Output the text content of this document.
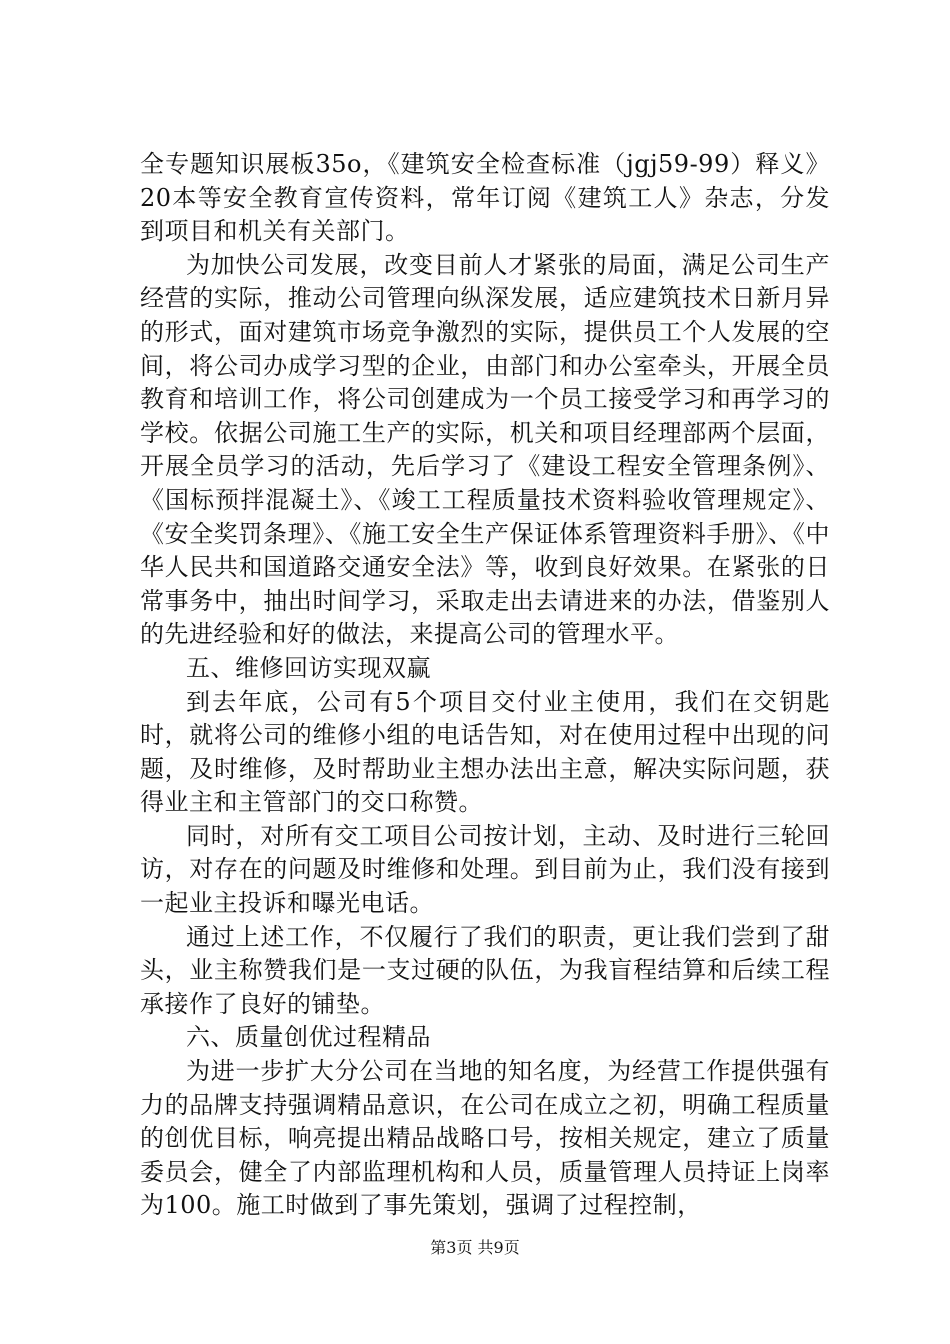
全专题知识展板35o，《建筑安全检查标准（jgj59-99）释义》20本等安全教育宣传资料，常年订阅《建筑工人》杂志，分发到项目和机关有关部门。

为加快公司发展，改变目前人才紧张的局面，满足公司生产经营的实际，推动公司管理向纵深发展，适应建筑技术日新月异的形式，面对建筑市场竞争激烈的实际，提供员工个人发展的空间，将公司办成学习型的企业，由部门和办公室牵头，开展全员教育和培训工作，将公司创建成为一个员工接受学习和再学习的学校。依据公司施工生产的实际，机关和项目经理部两个层面，开展全员学习的活动，先后学习了《建设工程安全管理条例》、《国标预拌混凝土》、《竣工工程质量技术资料验收管理规定》、《安全奖罚条理》、《施工安全生产保证体系管理资料手册》、《中华人民共和国道路交通安全法》等，收到良好效果。在紧张的日常事务中，抽出时间学习，采取走出去请进来的办法，借鉴别人的先进经验和好的做法，来提高公司的管理水平。

五、维修回访实现双赢

到去年底，公司有5个项目交付业主使用，我们在交钥匙时，就将公司的维修小组的电话告知，对在使用过程中出现的问题，及时维修，及时帮助业主想办法出主意，解决实际问题，获得业主和主管部门的交口称赞。

同时，对所有交工项目公司按计划，主动、及时进行三轮回访，对存在的问题及时维修和处理。到目前为止，我们没有接到一起业主投诉和曝光电话。

通过上述工作，不仅履行了我们的职责，更让我们尝到了甜头，业主称赞我们是一支过硬的队伍，为我盲程结算和后续工程承接作了良好的铺垫。

六、质量创优过程精品

为进一步扩大分公司在当地的知名度，为经营工作提供强有力的品牌支持强调精品意识，在公司在成立之初，明确工程质量的创优目标，响亮提出精品战略口号，按相关规定，建立了质量委员会，健全了内部监理机构和人员，质量管理人员持证上岗率为100。施工时做到了事先策划，强调了过程控制，

第3页 共9页
